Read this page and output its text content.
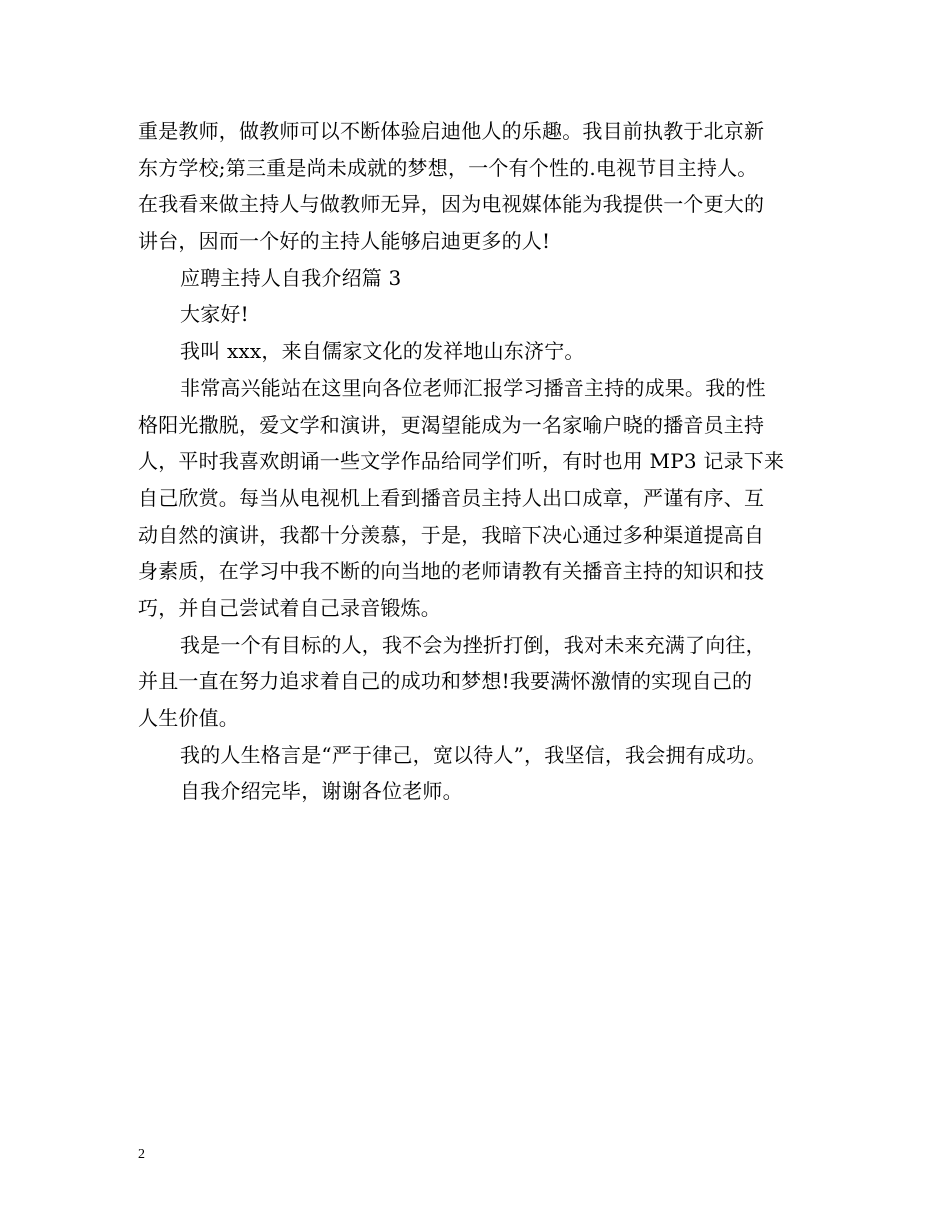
重是教师，做教师可以不断体验启迪他人的乐趣。我目前执教于北京新
东方学校;第三重是尚未成就的梦想，一个有个性的.电视节目主持人。
在我看来做主持人与做教师无异，因为电视媒体能为我提供一个更大的
讲台，因而一个好的主持人能够启迪更多的人!
应聘主持人自我介绍篇 3
大家好!
我叫 xxx，来自儒家文化的发祥地山东济宁。
非常高兴能站在这里向各位老师汇报学习播音主持的成果。我的性
格阳光撒脱，爱文学和演讲，更渴望能成为一名家喻户晓的播音员主持
人，平时我喜欢朗诵一些文学作品给同学们听，有时也用 MP3 记录下来
自己欣赏。每当从电视机上看到播音员主持人出口成章，严谨有序、互
动自然的演讲，我都十分羡慕，于是，我暗下决心通过多种渠道提高自
身素质，在学习中我不断的向当地的老师请教有关播音主持的知识和技
巧，并自己尝试着自己录音锻炼。
我是一个有目标的人，我不会为挫折打倒，我对未来充满了向往，
并且一直在努力追求着自己的成功和梦想!我要满怀激情的实现自己的
人生价值。
我的人生格言是“严于律己，宽以待人”，我坚信，我会拥有成功。
自我介绍完毕，谢谢各位老师。
2
